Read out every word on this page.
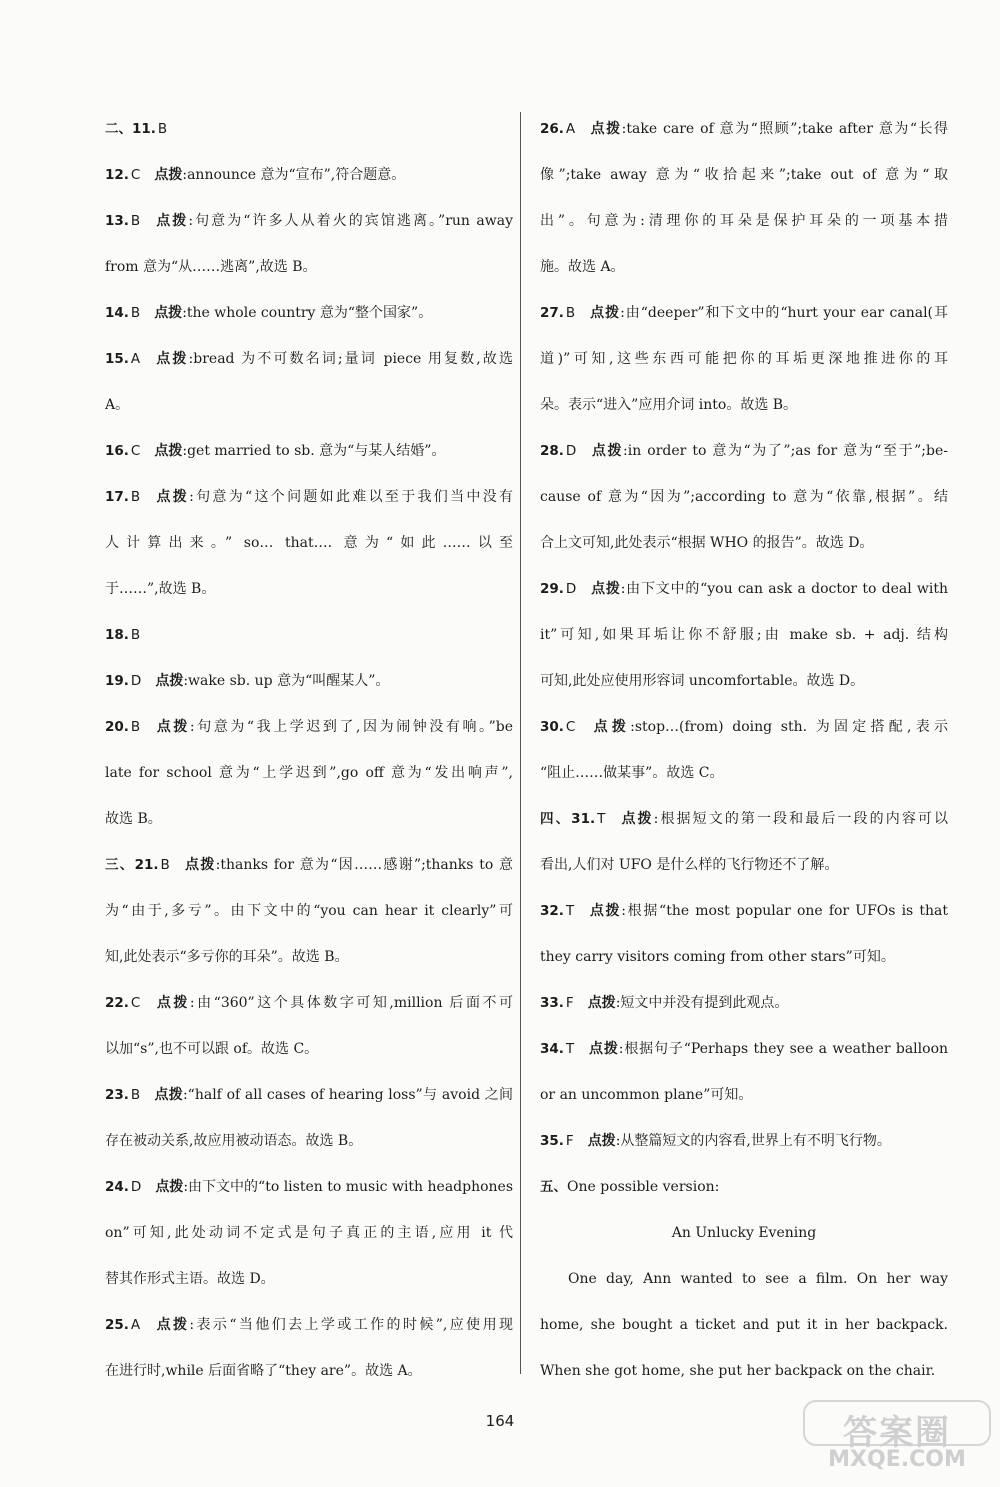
二、11. B
12. C 点拨:announce 意为“宣布”,符合题意。
13. B 点拨:句意为“许多人从着火的宾馆逃离。”run away
from 意为“从……逃离”,故选 B。
14. B 点拨:the whole country 意为“整个国家”。
15. A 点拨:bread 为不可数名词;量词 piece 用复数,故选
A。
16. C 点拨:get married to sb. 意为“与某人结婚”。
17. B 点拨:句意为“这个问题如此难以至于我们当中没有
人计算出来。” so… that…. 意为“如此……以至
于……”,故选 B。
18. B
19. D 点拨:wake sb. up 意为“叫醒某人”。
20. B 点拨:句意为“我上学迟到了,因为闹钟没有响。”be
late for school 意为“上学迟到”,go off 意为“发出响声”,
故选 B。
三、21. B 点拨:thanks for 意为“因……感谢”;thanks to 意
为“由于,多亏”。由下文中的“you can hear it clearly”可
知,此处表示“多亏你的耳朵”。故选 B。
22. C 点拨:由“360”这个具体数字可知,million 后面不可
以加“s”,也不可以跟 of。故选 C。
23. B 点拨:“half of all cases of hearing loss”与 avoid 之间
存在被动关系,故应用被动语态。故选 B。
24. D 点拨:由下文中的“to listen to music with headphones
on”可知,此处动词不定式是句子真正的主语,应用 it 代
替其作形式主语。故选 D。
25. A 点拨:表示“当他们去上学或工作的时候”,应使用现
在进行时,while 后面省略了“they are”。故选 A。
26. A 点拨:take care of 意为“照顾”;take after 意为“长得
像”;take away 意为“收拾起来”;take out of 意为“取
出”。句意为:清理你的耳朵是保护耳朵的一项基本措
施。故选 A。
27. B 点拨:由“deeper”和下文中的“hurt your ear canal(耳
道)”可知,这些东西可能把你的耳垢更深地推进你的耳
朵。表示“进入”应用介词 into。故选 B。
28. D 点拨:in order to 意为“为了”;as for 意为“至于”;be-
cause of 意为“因为”;according to 意为“依靠,根据”。结
合上文可知,此处表示“根据 WHO 的报告”。故选 D。
29. D 点拨:由下文中的“you can ask a doctor to deal with
it”可知,如果耳垢让你不舒服;由 make sb. + adj. 结构
可知,此处应使用形容词 uncomfortable。故选 D。
30. C 点拨:stop…(from) doing sth. 为固定搭配,表示
“阻止……做某事”。故选 C。
四、31. T 点拨:根据短文的第一段和最后一段的内容可以
看出,人们对 UFO 是什么样的飞行物还不了解。
32. T 点拨:根据“the most popular one for UFOs is that
they carry visitors coming from other stars”可知。
33. F 点拨:短文中并没有提到此观点。
34. T 点拨:根据句子“Perhaps they see a weather balloon
or an uncommon plane”可知。
35. F 点拨:从整篇短文的内容看,世界上有不明飞行物。
五、One possible version:
An Unlucky Evening
One day, Ann wanted to see a film. On her way
home, she bought a ticket and put it in her backpack.
When she got home, she put her backpack on the chair.
164	答案圈
MXQE.COM
